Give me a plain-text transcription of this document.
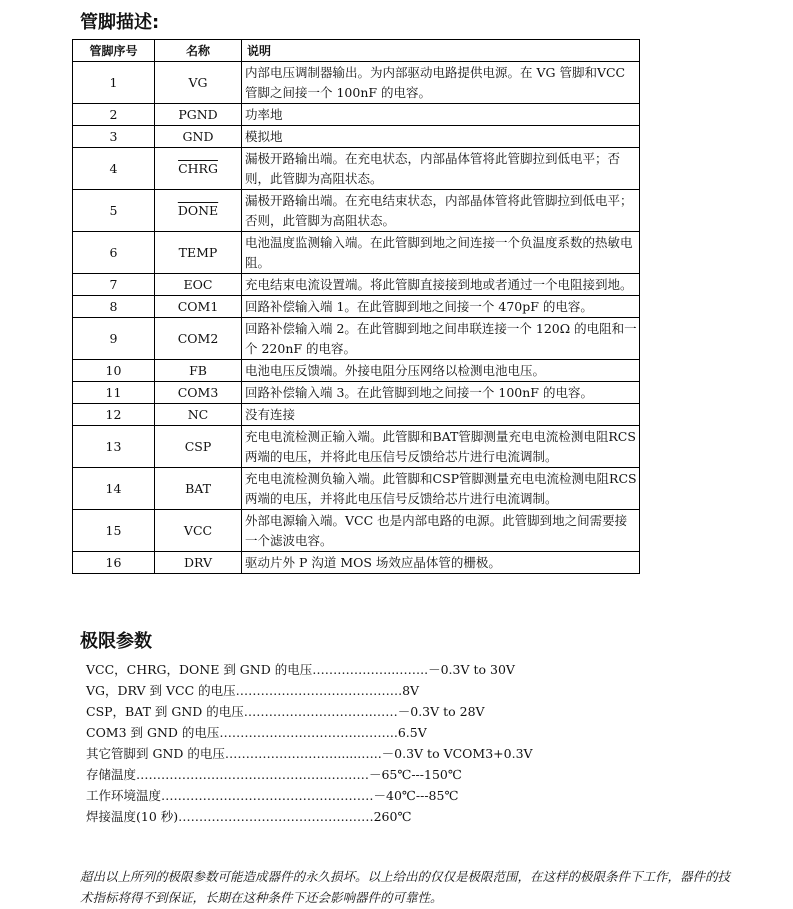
管脚描述:
管脚序号	名称	说明
1	VG	内部电压调制器输出。为内部驱动电路提供电源。在 VG 管脚和VCC 管脚之间接一个 100nF 的电容。
2	PGND	功率地
3	GND	模拟地
4	CHRG	漏极开路输出端。在充电状态，内部晶体管将此管脚拉到低电平；否则，此管脚为高阻状态。
5	DONE	漏极开路输出端。在充电结束状态，内部晶体管将此管脚拉到低电平；否则，此管脚为高阻状态。
6	TEMP	电池温度监测输入端。在此管脚到地之间连接一个负温度系数的热敏电阻。
7	EOC	充电结束电流设置端。将此管脚直接接到地或者通过一个电阻接到地。
8	COM1	回路补偿输入端 1。在此管脚到地之间接一个 470pF 的电容。
9	COM2	回路补偿输入端 2。在此管脚到地之间串联连接一个 120Ω 的电阻和一个 220nF 的电容。
10	FB	电池电压反馈端。外接电阻分压网络以检测电池电压。
11	COM3	回路补偿输入端 3。在此管脚到地之间接一个 100nF 的电容。
12	NC	没有连接
13	CSP	充电电流检测正输入端。此管脚和BAT管脚测量充电电流检测电阻RCS两端的电压，并将此电压信号反馈给芯片进行电流调制。
14	BAT	充电电流检测负输入端。此管脚和CSP管脚测量充电电流检测电阻RCS两端的电压，并将此电压信号反馈给芯片进行电流调制。
15	VCC	外部电源输入端。VCC 也是内部电路的电源。此管脚到地之间需要接一个滤波电容。
16	DRV	驱动片外 P 沟道 MOS 场效应晶体管的栅极。
极限参数
VCC，CHRG，DONE 到 GND 的电压………………..……..－0.3V to 30V
VG，DRV 到 VCC 的电压………………………………….8V
CSP，BAT 到 GND 的电压………………………….……－0.3V to 28V
COM3 到 GND 的电压……………………………..……..6.5V
其它管脚到 GND 的电压………………………......…..－0.3V to VCOM3+0.3V
存储温度………………………………………..………－65℃---150℃
工作环境温度……………………………………………－40℃---85℃
焊接温度(10 秒)…………………………………..……260℃
超出以上所列的极限参数可能造成器件的永久损坏。以上给出的仅仅是极限范围，在这样的极限条件下工作，器件的技术指标将得不到保证，长期在这种条件下还会影响器件的可靠性。
